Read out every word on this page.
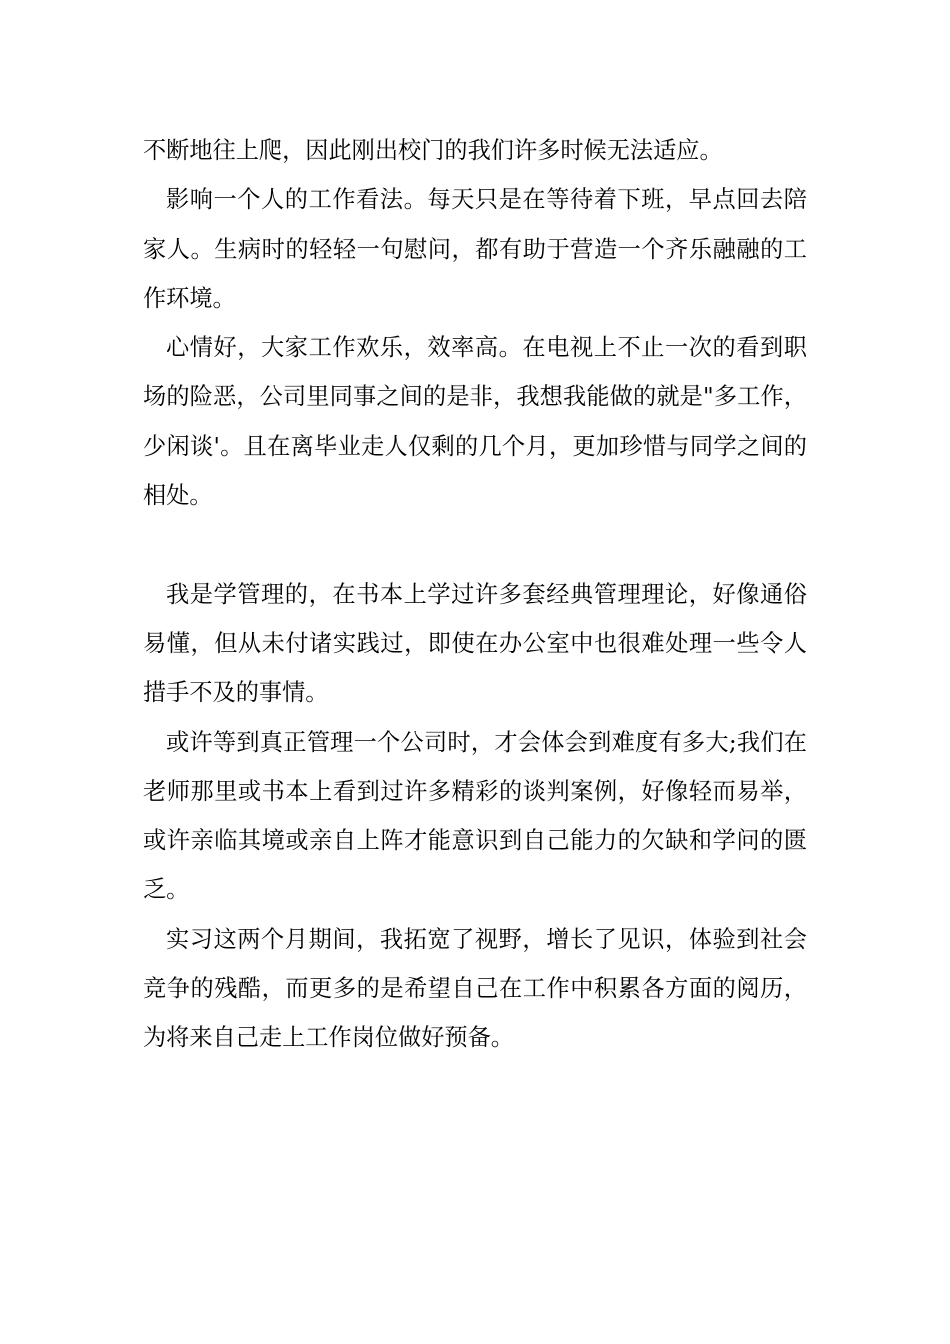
不断地往上爬，因此刚出校门的我们许多时候无法适应。

影响一个人的工作看法。每天只是在等待着下班，早点回去陪家人。生病时的轻轻一句慰问，都有助于营造一个齐乐融融的工作环境。

心情好，大家工作欢乐，效率高。在电视上不止一次的看到职场的险恶，公司里同事之间的是非，我想我能做的就是"多工作，少闲谈'。且在离毕业走人仅剩的几个月，更加珍惜与同学之间的相处。

我是学管理的，在书本上学过许多套经典管理理论，好像通俗易懂，但从未付诸实践过，即使在办公室中也很难处理一些令人措手不及的事情。

或许等到真正管理一个公司时，才会体会到难度有多大;我们在老师那里或书本上看到过许多精彩的谈判案例，好像轻而易举，或许亲临其境或亲自上阵才能意识到自己能力的欠缺和学问的匮乏。

实习这两个月期间，我拓宽了视野，增长了见识，体验到社会竞争的残酷，而更多的是希望自己在工作中积累各方面的阅历，为将来自己走上工作岗位做好预备。
